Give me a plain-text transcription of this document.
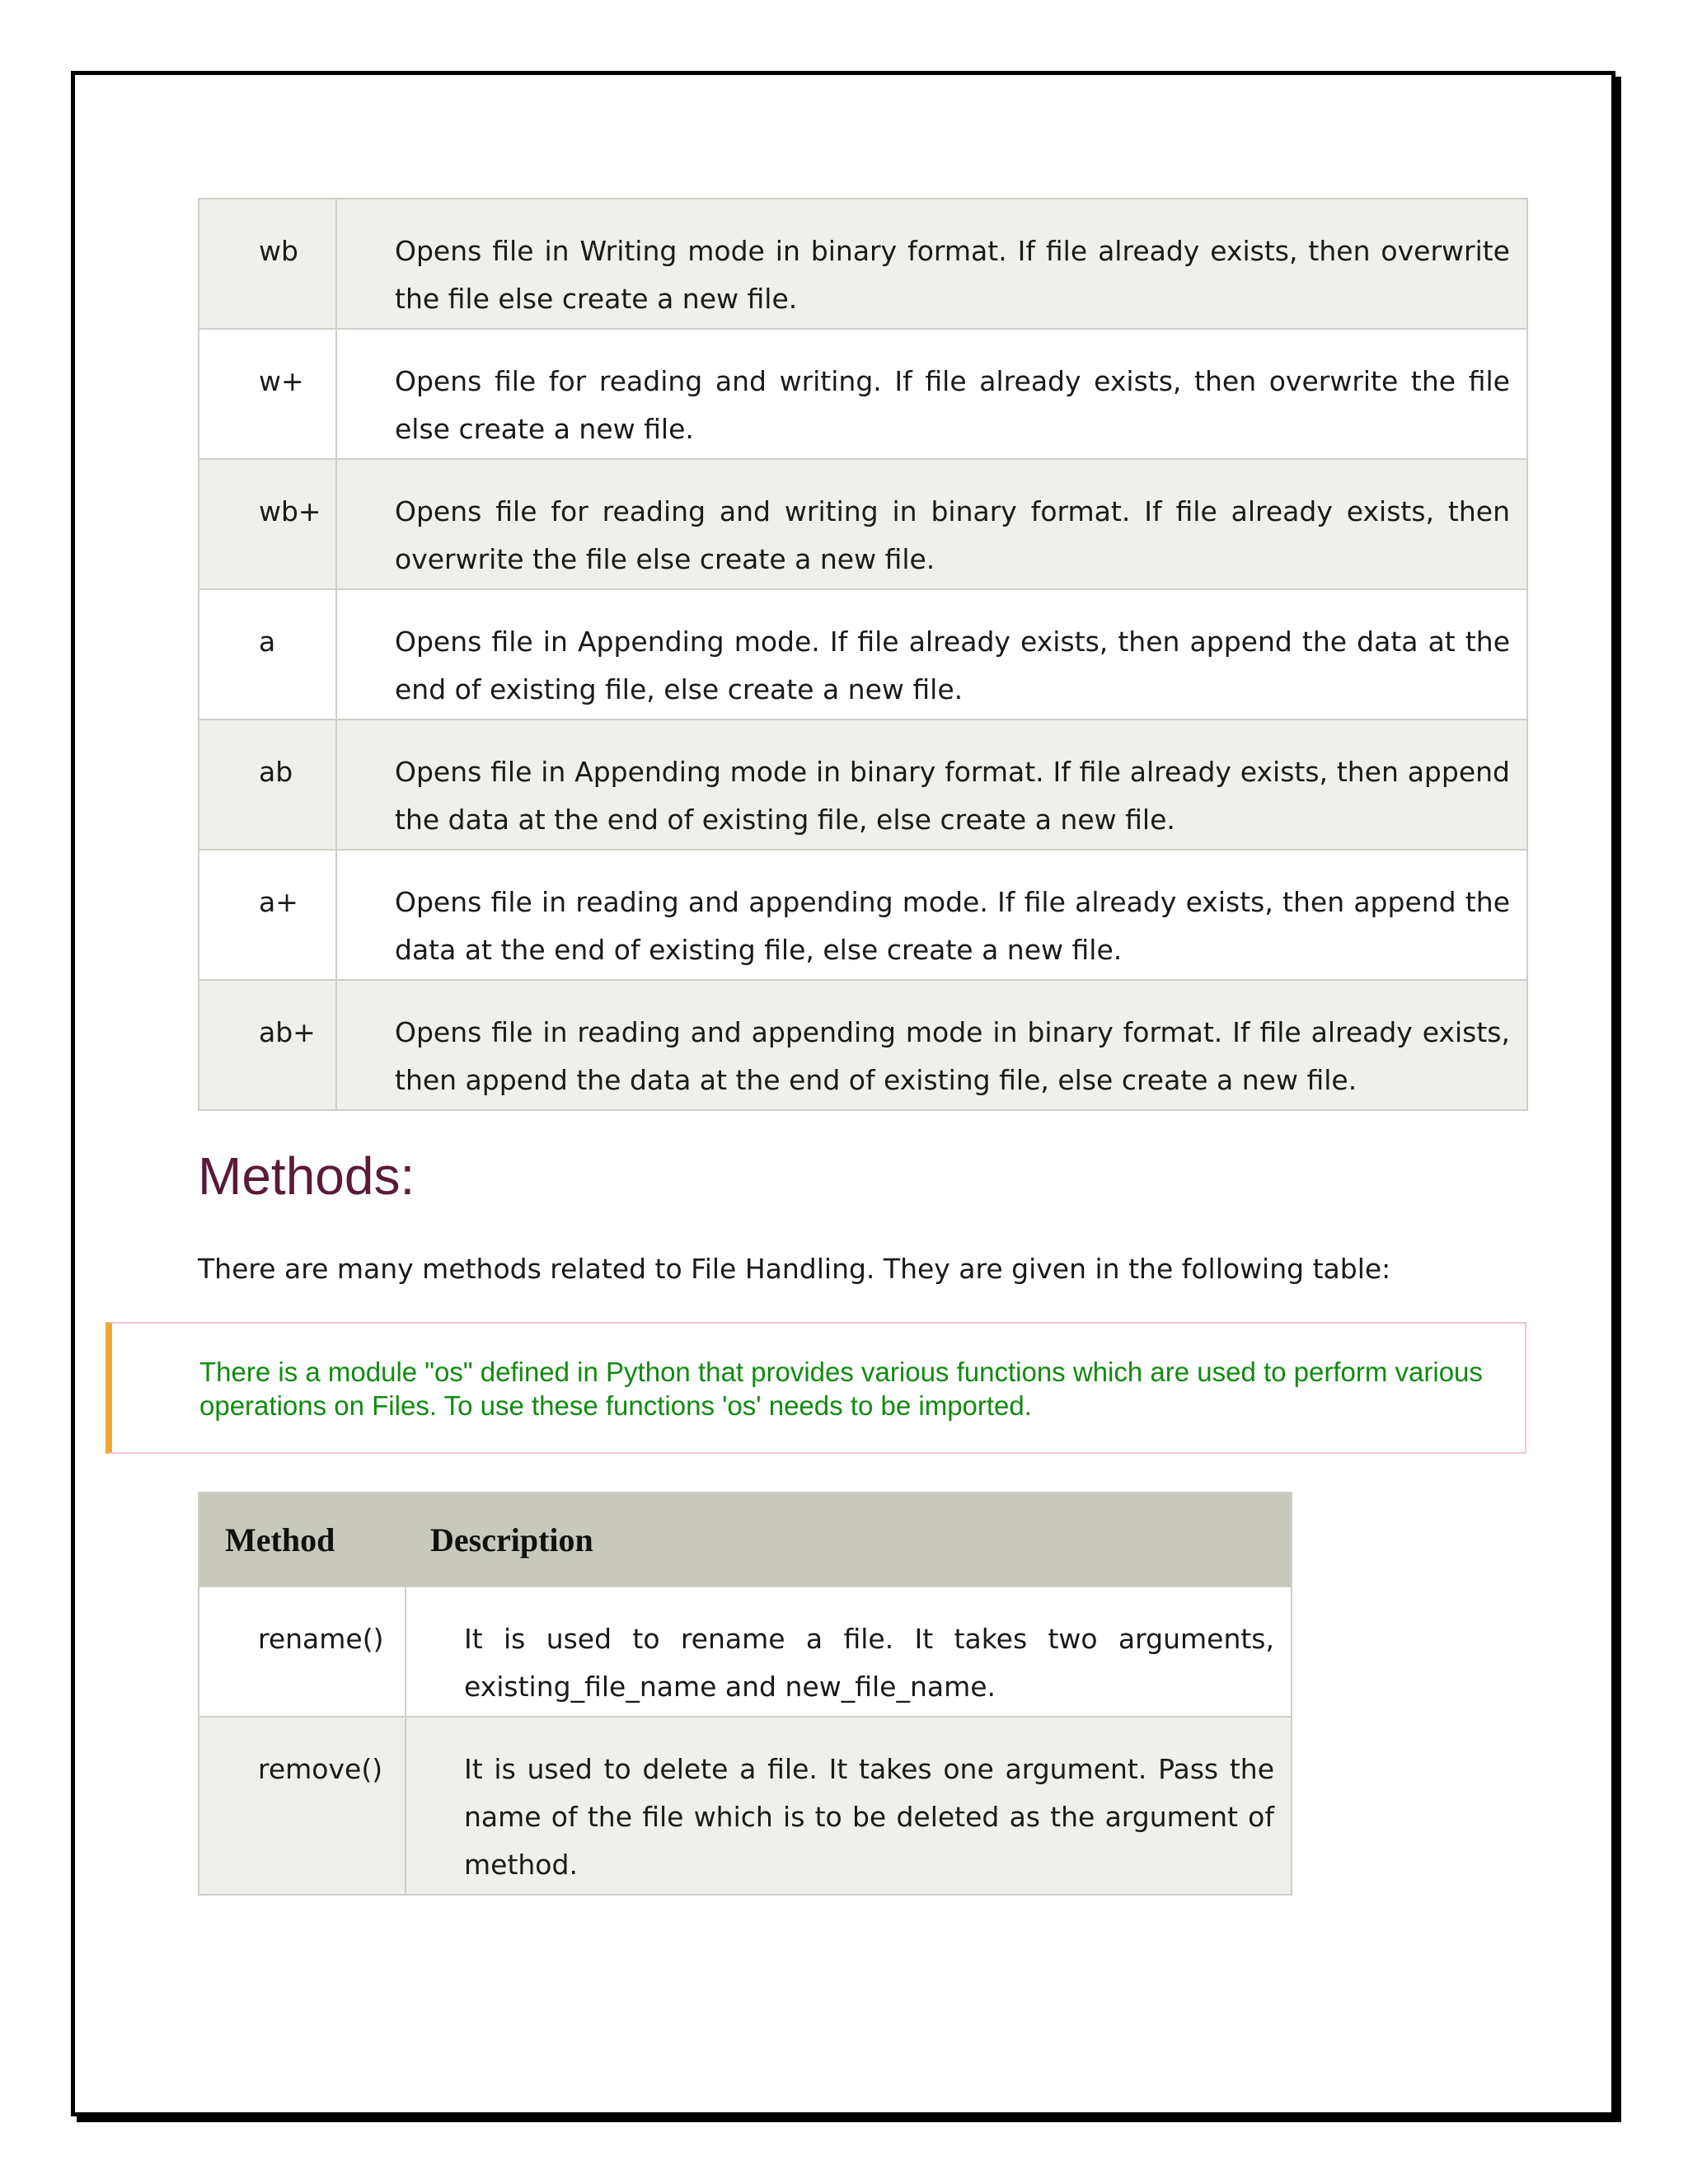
wb	Opens file in Writing mode in binary format. If file already exists, then overwrite the file else create a new file.
w+	Opens file for reading and writing. If file already exists, then overwrite the file else create a new file.
wb+	Opens file for reading and writing in binary format. If file already exists, then overwrite the file else create a new file.
a	Opens file in Appending mode. If file already exists, then append the data at the end of existing file, else create a new file.
ab	Opens file in Appending mode in binary format. If file already exists, then append the data at the end of existing file, else create a new file.
a+	Opens file in reading and appending mode. If file already exists, then append the data at the end of existing file, else create a new file.
ab+	Opens file in reading and appending mode in binary format. If file already exists, then append the data at the end of existing file, else create a new file.
Methods:

There are many methods related to File Handling. They are given in the following table:

There is a module "os" defined in Python that provides various functions which are used to perform various operations on Files. To use these functions 'os' needs to be imported.

Method	Description
rename()	It is used to rename a file. It takes two arguments, existing_file_name and new_file_name.
remove()	It is used to delete a file. It takes one argument. Pass the name of the file which is to be deleted as the argument of method.
